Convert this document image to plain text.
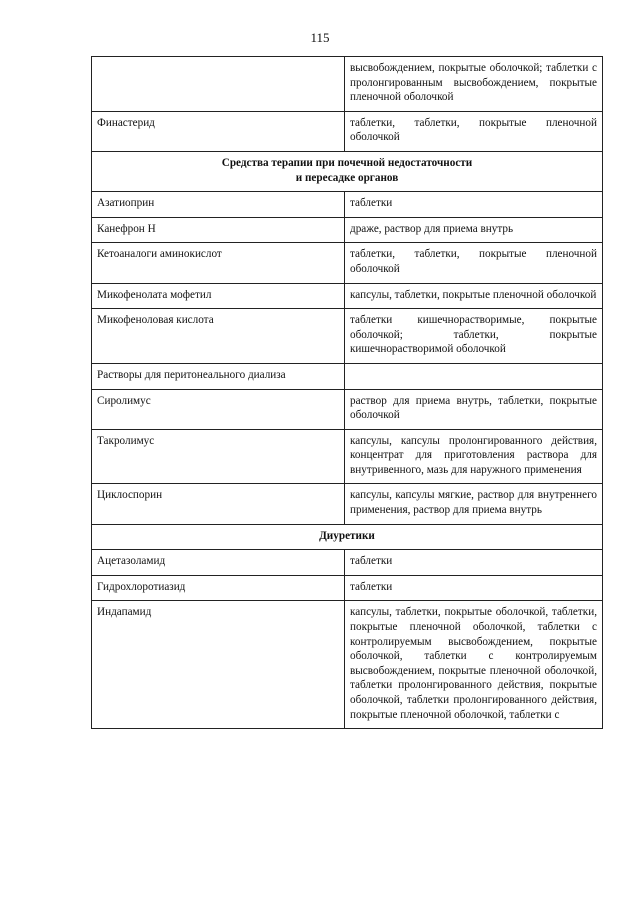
115
	высвобождением, покрытые оболочкой; таблетки с пролонгированным высвобождением, покрытые пленочной оболочкой
Финастерид	таблетки, таблетки, покрытые пленочной оболочкой

Средства терапии при почечной недостаточности
и пересадке органов	

Азатиоприн	таблетки
Канефрон Н	драже, раствор для приема внутрь
Кетоаналоги аминокислот	таблетки, таблетки, покрытые пленочной оболочкой
Микофенолата мофетил	капсулы, таблетки, покрытые пленочной оболочкой
Микофеноловая кислота	таблетки кишечнорастворимые, покрытые оболочкой; таблетки, покрытые кишечнорастворимой оболочкой
Растворы для перитонеального диализа	
Сиролимус	раствор для приема внутрь, таблетки, покрытые оболочкой
Такролимус	капсулы, капсулы пролонгированного действия, концентрат для приготовления раствора для внутривенного, мазь для наружного применения
Циклоспорин	капсулы, капсулы мягкие, раствор для внутреннего применения, раствор для приема внутрь

Диуретики	

Ацетазоламид	таблетки
Гидрохлоротиазид	таблетки
Индапамид	капсулы, таблетки, покрытые оболочкой, таблетки, покрытые пленочной оболочкой, таблетки с контролируемым высвобождением, покрытые оболочкой, таблетки с контролируемым высвобождением, покрытые пленочной оболочкой, таблетки пролонгированного действия, покрытые оболочкой, таблетки пролонгированного действия, покрытые пленочной оболочкой, таблетки с
